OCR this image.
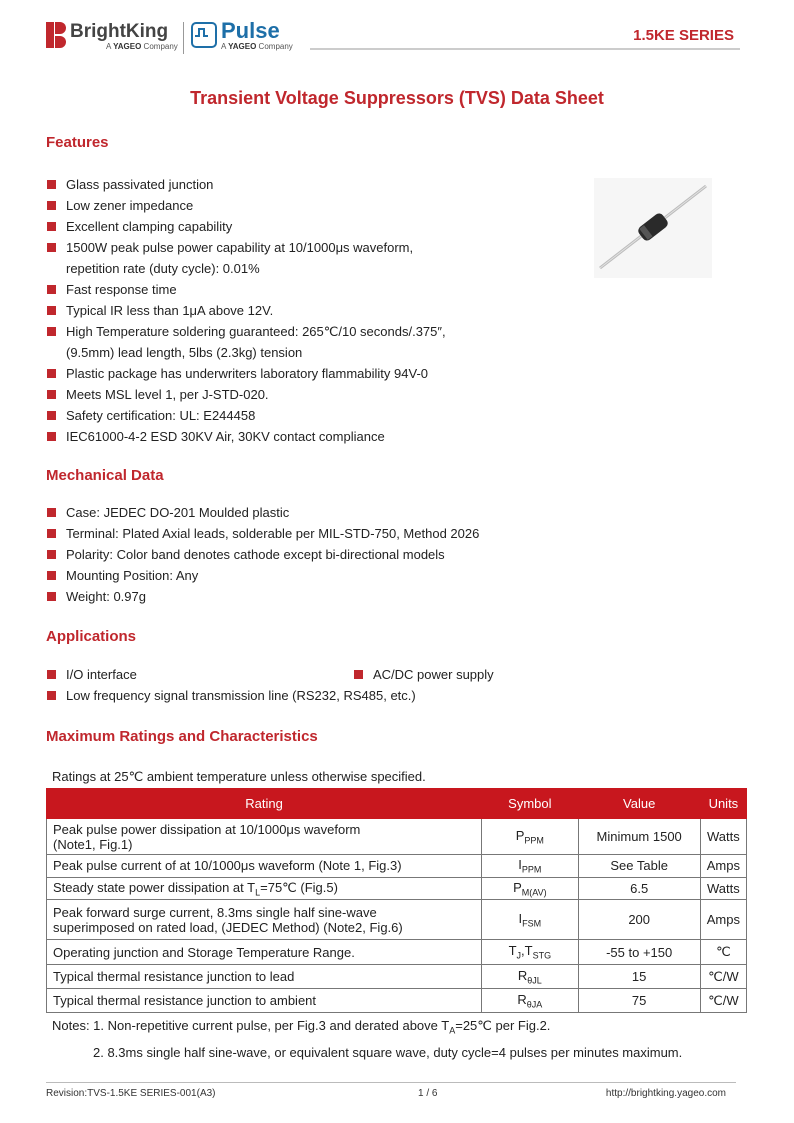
BrightKing
A YAGEO Company
Pulse
A YAGEO Company
1.5KE SERIES
Transient Voltage Suppressors (TVS) Data Sheet
Features
Glass passivated junction
Low zener impedance
Excellent clamping capability
1500W peak pulse power capability at 10/1000μs waveform,
repetition rate (duty cycle): 0.01%
Fast response time
Typical IR less than 1μA above 12V.
High Temperature soldering guaranteed: 265℃/10 seconds/.375″,
(9.5mm) lead length, 5lbs (2.3kg) tension
Plastic package has underwriters laboratory flammability 94V-0
Meets MSL level 1, per J-STD-020.
Safety certification: UL: E244458
IEC61000-4-2 ESD 30KV Air, 30KV contact compliance
Mechanical Data
Case: JEDEC DO-201 Moulded plastic
Terminal: Plated Axial leads, solderable per MIL-STD-750, Method 2026
Polarity: Color band denotes cathode except bi-directional models
Mounting Position: Any
Weight: 0.97g
Applications
I/O interface
Low frequency signal transmission line (RS232, RS485, etc.)
AC/DC power supply
Maximum Ratings and Characteristics
Ratings at 25℃ ambient temperature unless otherwise specified.
Rating	Symbol	Value	Units
Peak pulse power dissipation at 10/1000μs waveform
(Note1, Fig.1)	$P_{PPM}$	Minimum 1500	Watts
Peak pulse current of at 10/1000μs waveform (Note 1, Fig.3)	$I_{PPM}$	See Table	Amps
Steady state power dissipation at $T_L=75℃$ (Fig.5)	$P_{M(AV)}$	6.5	Watts
Peak forward surge current, 8.3ms single half sine-wave
superimposed on rated load, (JEDEC Method) (Note2, Fig.6)	$I_{FSM}$	200	Amps
Operating junction and Storage Temperature Range.	$T_J,T_{STG}$	-55 to +150	℃
Typical thermal resistance junction to lead	$R_{\theta JL}$	15	℃/W
Typical thermal resistance junction to ambient	$R_{\theta JA}$	75	℃/W
Notes: 1. Non-repetitive current pulse, per Fig.3 and derated above $T_A=25℃$ per Fig.2.
2. 8.3ms single half sine-wave, or equivalent square wave, duty cycle=4 pulses per minutes maximum.
Revision:TVS-1.5KE SERIES-001(A3)	1 / 6	http://brightking.yageo.com
